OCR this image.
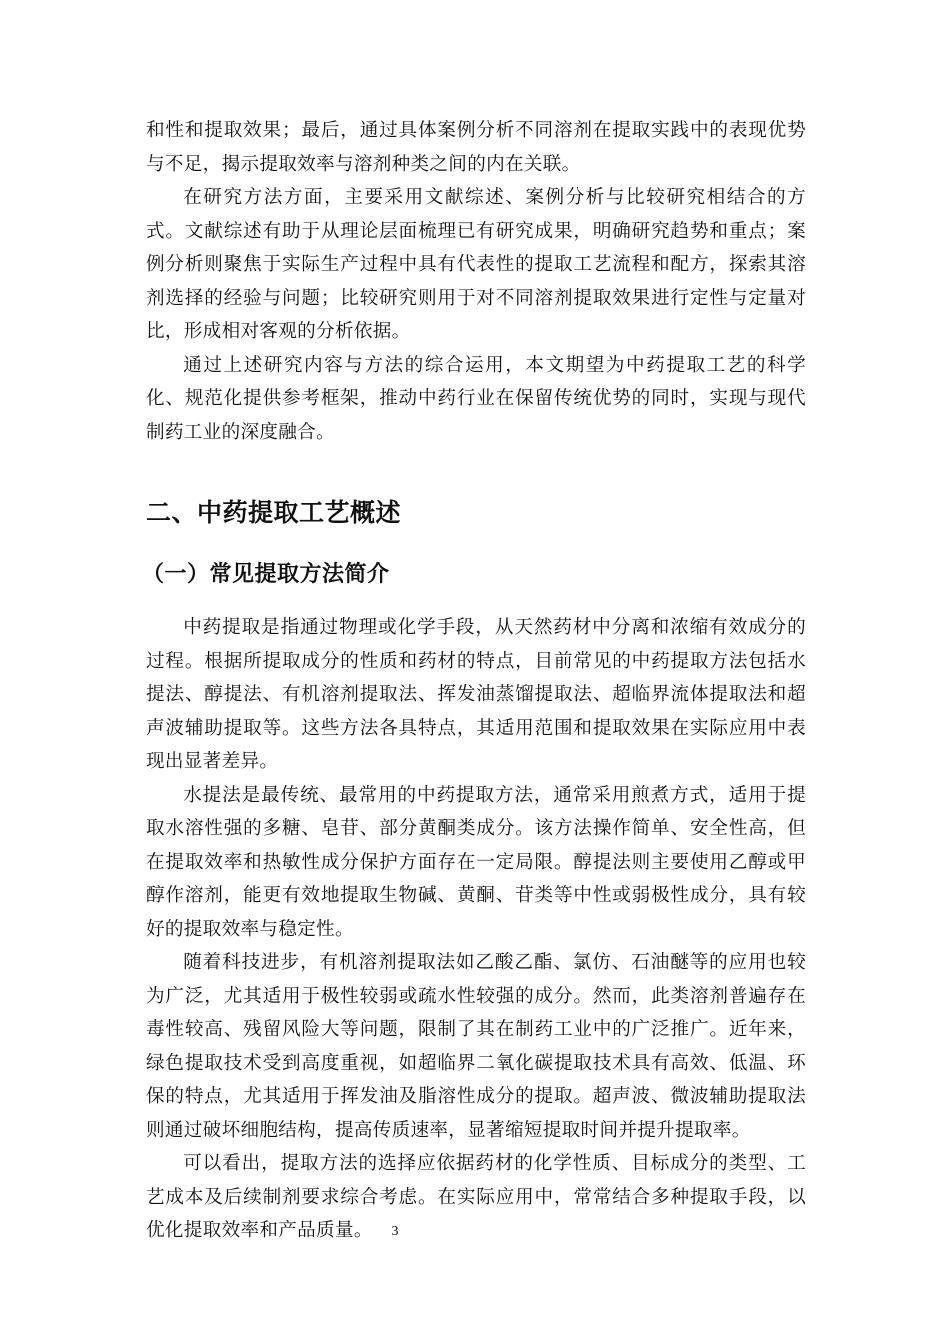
和性和提取效果；最后，通过具体案例分析不同溶剂在提取实践中的表现优势与不足，揭示提取效率与溶剂种类之间的内在关联。

在研究方法方面，主要采用文献综述、案例分析与比较研究相结合的方式。文献综述有助于从理论层面梳理已有研究成果，明确研究趋势和重点；案例分析则聚焦于实际生产过程中具有代表性的提取工艺流程和配方，探索其溶剂选择的经验与问题；比较研究则用于对不同溶剂提取效果进行定性与定量对比，形成相对客观的分析依据。

通过上述研究内容与方法的综合运用，本文期望为中药提取工艺的科学化、规范化提供参考框架，推动中药行业在保留传统优势的同时，实现与现代制药工业的深度融合。

二、中药提取工艺概述
（一）常见提取方法简介

中药提取是指通过物理或化学手段，从天然药材中分离和浓缩有效成分的过程。根据所提取成分的性质和药材的特点，目前常见的中药提取方法包括水提法、醇提法、有机溶剂提取法、挥发油蒸馏提取法、超临界流体提取法和超声波辅助提取等。这些方法各具特点，其适用范围和提取效果在实际应用中表现出显著差异。

水提法是最传统、最常用的中药提取方法，通常采用煎煮方式，适用于提取水溶性强的多糖、皂苷、部分黄酮类成分。该方法操作简单、安全性高，但在提取效率和热敏性成分保护方面存在一定局限。醇提法则主要使用乙醇或甲醇作溶剂，能更有效地提取生物碱、黄酮、苷类等中性或弱极性成分，具有较好的提取效率与稳定性。

随着科技进步，有机溶剂提取法如乙酸乙酯、氯仿、石油醚等的应用也较为广泛，尤其适用于极性较弱或疏水性较强的成分。然而，此类溶剂普遍存在毒性较高、残留风险大等问题，限制了其在制药工业中的广泛推广。近年来，绿色提取技术受到高度重视，如超临界二氧化碳提取技术具有高效、低温、环保的特点，尤其适用于挥发油及脂溶性成分的提取。超声波、微波辅助提取法则通过破坏细胞结构，提高传质速率，显著缩短提取时间并提升提取率。

可以看出，提取方法的选择应依据药材的化学性质、目标成分的类型、工艺成本及后续制剂要求综合考虑。在实际应用中，常常结合多种提取手段，以优化提取效率和产品质量。	3
